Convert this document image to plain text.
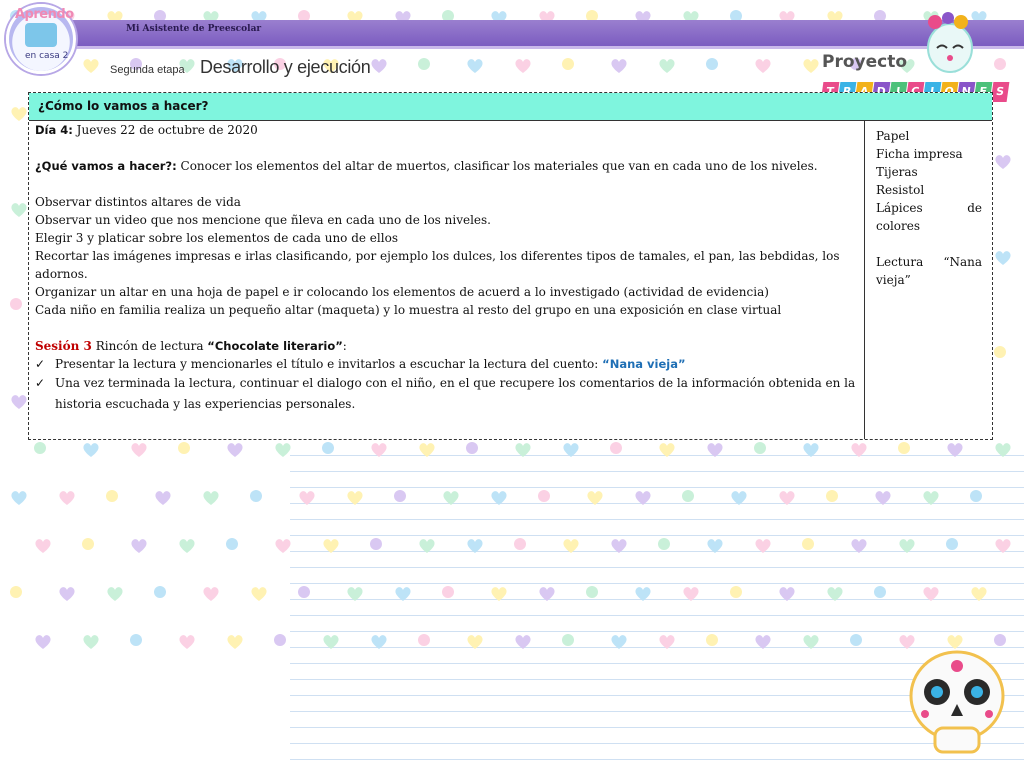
Mi Asistente de Preescolar
Aprendo
en casa 2
Segunda etapa Desarrollo y ejecución	Proyecto
S
¿Cómo lo vamos a hacer?

Día 4: Jueves 22 de octubre de 2020

¿Qué vamos a hacer?: Conocer los elementos del altar de muertos, clasificar los materiales que van en cada uno de los niveles.

Observar distintos altares de vida

Observar un video que nos mencione que ñleva en cada uno de los niveles.

Elegir 3 y platicar sobre los elementos de cada uno de ellos

Recortar las imágenes impresas e irlas clasificando, por ejemplo los dulces, los diferentes tipos de tamales, el pan, las bebdidas, los adornos.

Organizar un altar en una hoja de papel e ir colocando los elementos de acuerd a lo investigado (actividad de evidencia)

Cada niño en familia realiza un pequeño altar (maqueta) y lo muestra al resto del grupo en una exposición en clase virtual

Sesión 3 Rincón de lectura “Chocolate literario”:

✓ Presentar la lectura y mencionarles el título e invitarlos a escuchar la lectura del cuento: “Nana vieja”

✓ Una vez terminada la lectura, continuar el dialogo con el niño, en el que recupere los comentarios de la información obtenida en la historia escuchada y las experiencias personales.

Papel

Ficha impresa

Tijeras

Resistol

Lápices	de

colores

Lectura “Nana

vieja”
